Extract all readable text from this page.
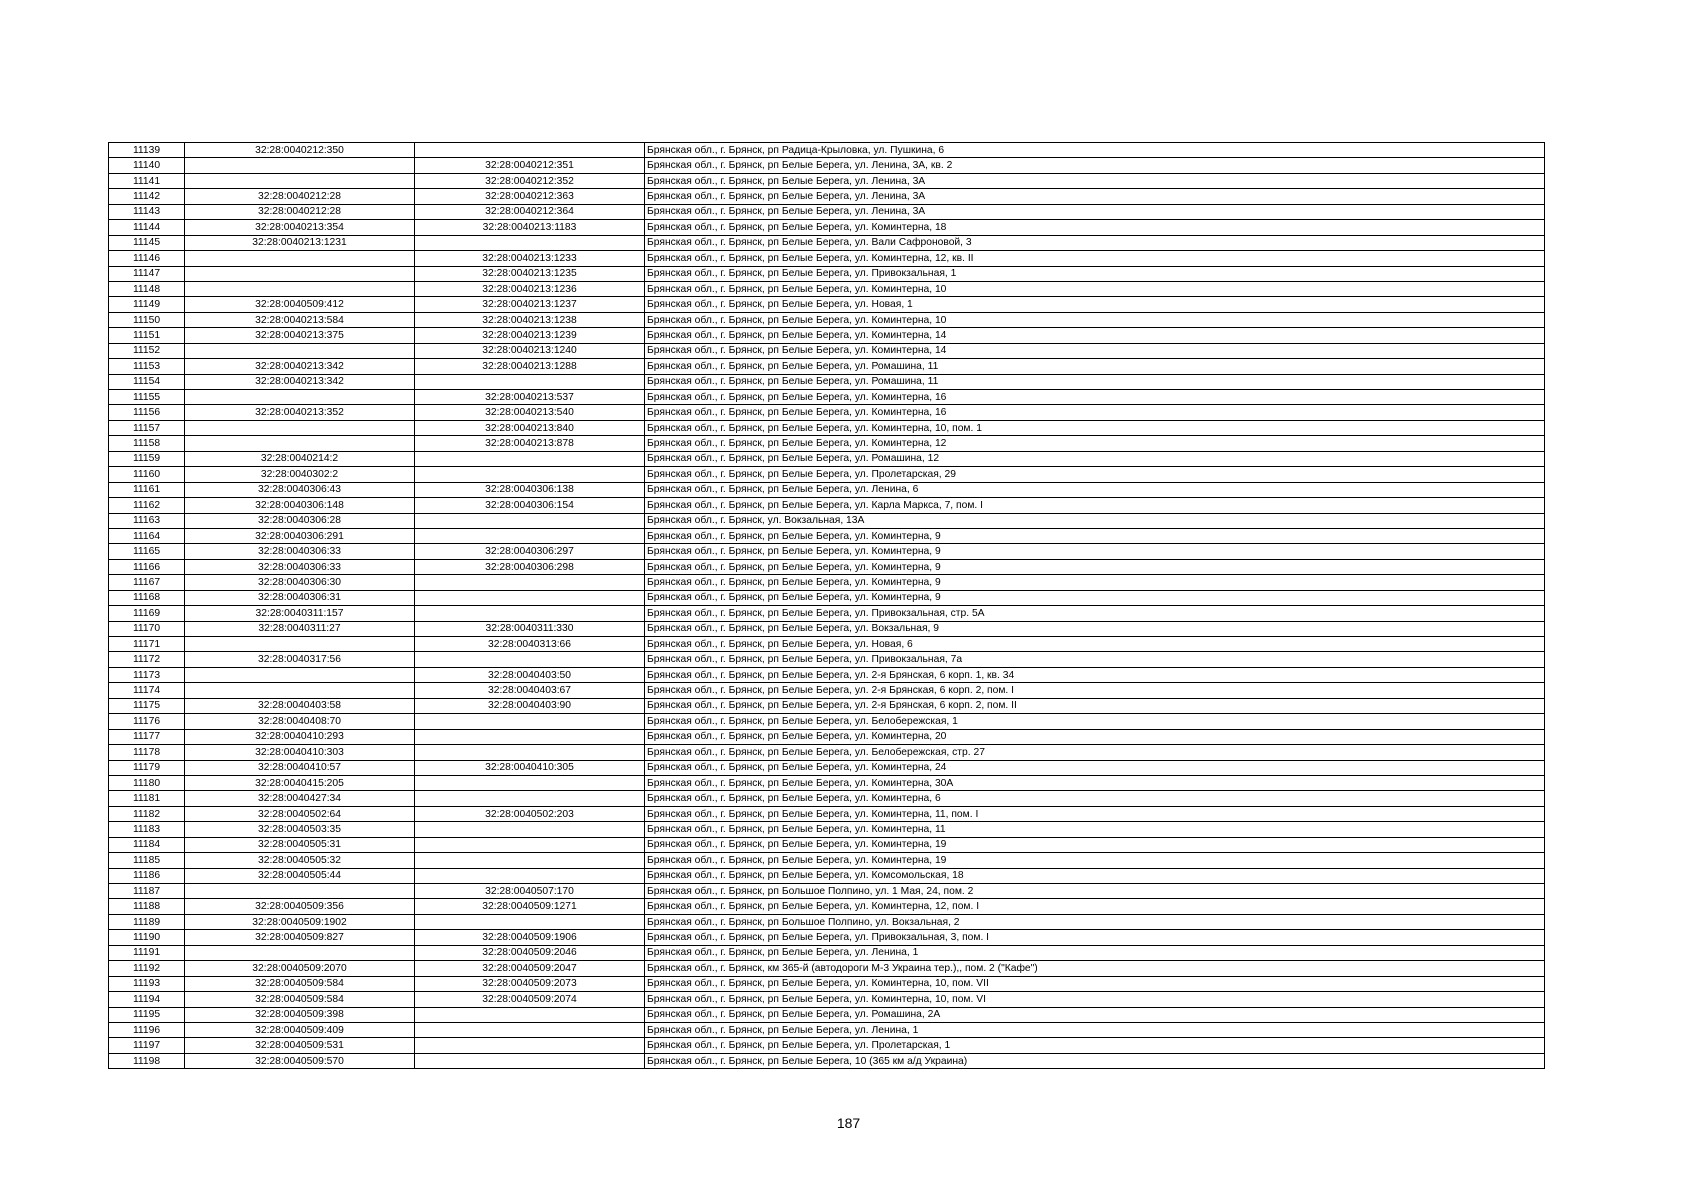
11139	32:28:0040212:350		Брянская обл., г. Брянск, рп Радица-Крыловка, ул. Пушкина, 6
11140		32:28:0040212:351	Брянская обл., г. Брянск, рп Белые Берега, ул. Ленина, 3А, кв. 2
11141		32:28:0040212:352	Брянская обл., г. Брянск, рп Белые Берега, ул. Ленина, 3А
11142	32:28:0040212:28	32:28:0040212:363	Брянская обл., г. Брянск, рп Белые Берега, ул. Ленина, 3А
11143	32:28:0040212:28	32:28:0040212:364	Брянская обл., г. Брянск, рп Белые Берега, ул. Ленина, 3А
11144	32:28:0040213:354	32:28:0040213:1183	Брянская обл., г. Брянск, рп Белые Берега, ул. Коминтерна, 18
11145	32:28:0040213:1231		Брянская обл., г. Брянск, рп Белые Берега, ул. Вали Сафроновой, 3
11146		32:28:0040213:1233	Брянская обл., г. Брянск, рп Белые Берега, ул. Коминтерна, 12, кв. II
11147		32:28:0040213:1235	Брянская обл., г. Брянск, рп Белые Берега, ул. Привокзальная, 1
11148		32:28:0040213:1236	Брянская обл., г. Брянск, рп Белые Берега, ул. Коминтерна, 10
11149	32:28:0040509:412	32:28:0040213:1237	Брянская обл., г. Брянск, рп Белые Берега, ул. Новая, 1
11150	32:28:0040213:584	32:28:0040213:1238	Брянская обл., г. Брянск, рп Белые Берега, ул. Коминтерна, 10
11151	32:28:0040213:375	32:28:0040213:1239	Брянская обл., г. Брянск, рп Белые Берега, ул. Коминтерна, 14
11152		32:28:0040213:1240	Брянская обл., г. Брянск, рп Белые Берега, ул. Коминтерна, 14
11153	32:28:0040213:342	32:28:0040213:1288	Брянская обл., г. Брянск, рп Белые Берега, ул. Ромашина, 11
11154	32:28:0040213:342		Брянская обл., г. Брянск, рп Белые Берега, ул. Ромашина, 11
11155		32:28:0040213:537	Брянская обл., г. Брянск, рп Белые Берега, ул. Коминтерна, 16
11156	32:28:0040213:352	32:28:0040213:540	Брянская обл., г. Брянск, рп Белые Берега, ул. Коминтерна, 16
11157		32:28:0040213:840	Брянская обл., г. Брянск, рп Белые Берега, ул. Коминтерна, 10, пом. 1
11158		32:28:0040213:878	Брянская обл., г. Брянск, рп Белые Берега, ул. Коминтерна, 12
11159	32:28:0040214:2		Брянская обл., г. Брянск, рп Белые Берега, ул. Ромашина, 12
11160	32:28:0040302:2		Брянская обл., г. Брянск, рп Белые Берега, ул. Пролетарская, 29
11161	32:28:0040306:43	32:28:0040306:138	Брянская обл., г. Брянск, рп Белые Берега, ул. Ленина, 6
11162	32:28:0040306:148	32:28:0040306:154	Брянская обл., г. Брянск, рп Белые Берега, ул. Карла Маркса, 7, пом. I
11163	32:28:0040306:28		Брянская обл., г. Брянск, ул. Вокзальная, 13А
11164	32:28:0040306:291		Брянская обл., г. Брянск, рп Белые Берега, ул. Коминтерна, 9
11165	32:28:0040306:33	32:28:0040306:297	Брянская обл., г. Брянск, рп Белые Берега, ул. Коминтерна, 9
11166	32:28:0040306:33	32:28:0040306:298	Брянская обл., г. Брянск, рп Белые Берега, ул. Коминтерна, 9
11167	32:28:0040306:30		Брянская обл., г. Брянск, рп Белые Берега, ул. Коминтерна, 9
11168	32:28:0040306:31		Брянская обл., г. Брянск, рп Белые Берега, ул. Коминтерна, 9
11169	32:28:0040311:157		Брянская обл., г. Брянск, рп Белые Берега, ул. Привокзальная, стр. 5А
11170	32:28:0040311:27	32:28:0040311:330	Брянская обл., г. Брянск, рп Белые Берега, ул. Вокзальная, 9
11171		32:28:0040313:66	Брянская обл., г. Брянск, рп Белые Берега, ул. Новая, 6
11172	32:28:0040317:56		Брянская обл., г. Брянск, рп Белые Берега, ул. Привокзальная, 7а
11173		32:28:0040403:50	Брянская обл., г. Брянск, рп Белые Берега, ул. 2-я Брянская, 6 корп. 1, кв. 34
11174		32:28:0040403:67	Брянская обл., г. Брянск, рп Белые Берега, ул. 2-я Брянская, 6 корп. 2, пом. I
11175	32:28:0040403:58	32:28:0040403:90	Брянская обл., г. Брянск, рп Белые Берега, ул. 2-я Брянская, 6 корп. 2, пом. II
11176	32:28:0040408:70		Брянская обл., г. Брянск, рп Белые Берега, ул. Белобережская, 1
11177	32:28:0040410:293		Брянская обл., г. Брянск, рп Белые Берега, ул. Коминтерна, 20
11178	32:28:0040410:303		Брянская обл., г. Брянск, рп Белые Берега, ул. Белобережская, стр. 27
11179	32:28:0040410:57	32:28:0040410:305	Брянская обл., г. Брянск, рп Белые Берега, ул. Коминтерна, 24
11180	32:28:0040415:205		Брянская обл., г. Брянск, рп Белые Берега, ул. Коминтерна, 30А
11181	32:28:0040427:34		Брянская обл., г. Брянск, рп Белые Берега, ул. Коминтерна, 6
11182	32:28:0040502:64	32:28:0040502:203	Брянская обл., г. Брянск, рп Белые Берега, ул. Коминтерна, 11, пом. I
11183	32:28:0040503:35		Брянская обл., г. Брянск, рп Белые Берега, ул. Коминтерна, 11
11184	32:28:0040505:31		Брянская обл., г. Брянск, рп Белые Берега, ул. Коминтерна, 19
11185	32:28:0040505:32		Брянская обл., г. Брянск, рп Белые Берега, ул. Коминтерна, 19
11186	32:28:0040505:44		Брянская обл., г. Брянск, рп Белые Берега, ул. Комсомольская, 18
11187		32:28:0040507:170	Брянская обл., г. Брянск, рп Большое Полпино, ул. 1 Мая, 24, пом. 2
11188	32:28:0040509:356	32:28:0040509:1271	Брянская обл., г. Брянск, рп Белые Берега, ул. Коминтерна, 12, пом. I
11189	32:28:0040509:1902		Брянская обл., г. Брянск, рп Большое Полпино, ул. Вокзальная, 2
11190	32:28:0040509:827	32:28:0040509:1906	Брянская обл., г. Брянск, рп Белые Берега, ул. Привокзальная, 3, пом. I
11191		32:28:0040509:2046	Брянская обл., г. Брянск, рп Белые Берега, ул. Ленина, 1
11192	32:28:0040509:2070	32:28:0040509:2047	Брянская обл., г. Брянск, км 365-й (автодороги М-3 Украина тер.),, пом. 2 ("Кафе")
11193	32:28:0040509:584	32:28:0040509:2073	Брянская обл., г. Брянск, рп Белые Берега, ул. Коминтерна, 10, пом. VII
11194	32:28:0040509:584	32:28:0040509:2074	Брянская обл., г. Брянск, рп Белые Берега, ул. Коминтерна, 10, пом. VI
11195	32:28:0040509:398		Брянская обл., г. Брянск, рп Белые Берега, ул. Ромашина, 2А
11196	32:28:0040509:409		Брянская обл., г. Брянск, рп Белые Берега, ул. Ленина, 1
11197	32:28:0040509:531		Брянская обл., г. Брянск, рп Белые Берега, ул. Пролетарская, 1
11198	32:28:0040509:570		Брянская обл., г. Брянск, рп Белые Берега, 10 (365 км а/д Украина)
187
